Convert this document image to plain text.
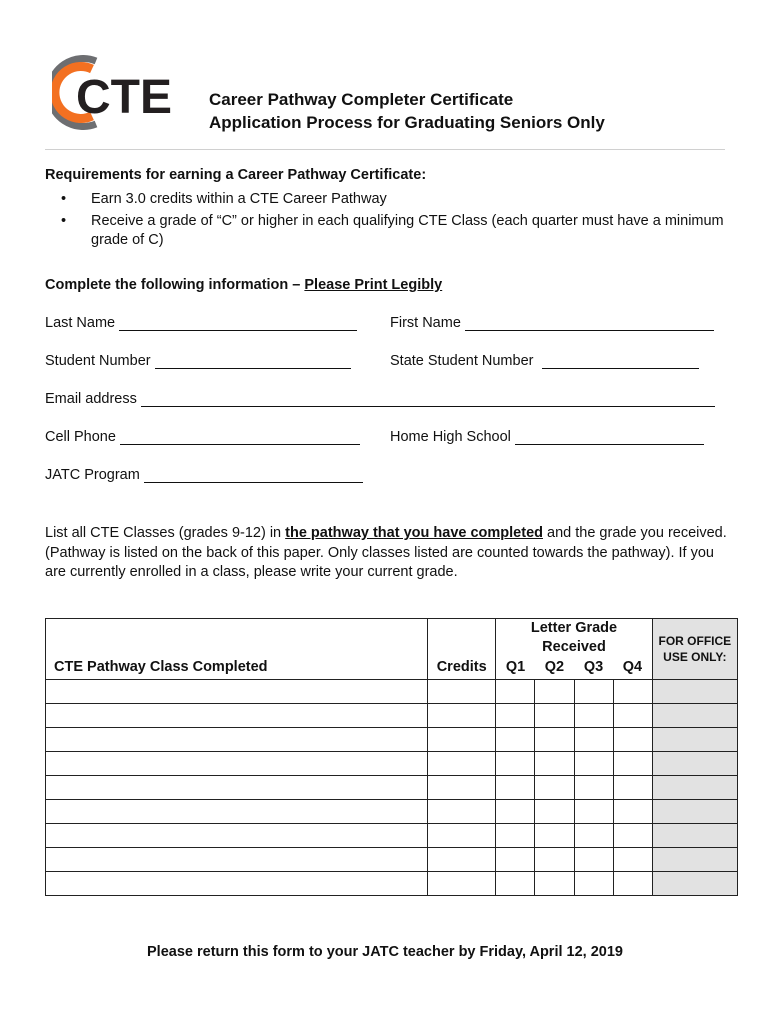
CTE Career Pathway Completer Certificate
Application Process for Graduating Seniors Only
Requirements for earning a Career Pathway Certificate:
• Earn 3.0 credits within a CTE Career Pathway
• Receive a grade of “C” or higher in each qualifying CTE Class (each quarter must have a minimum grade of C)
Complete the following information – Please Print Legibly
Last Name	First Name
Student Number	State Student Number
Email address
Cell Phone	Home High School
JATC Program
List all CTE Classes (grades 9-12) in the pathway that you have completed and the grade you received. (Pathway is listed on the back of this paper. Only classes listed are counted towards the pathway). If you are currently enrolled in a class, please write your current grade.
CTE Pathway Class Completed	Credits	Letter Grade Received				FOR OFFICE USE ONLY:
		Q1	Q2	Q3	Q4	

Please return this form to your JATC teacher by Friday, April 12, 2019
